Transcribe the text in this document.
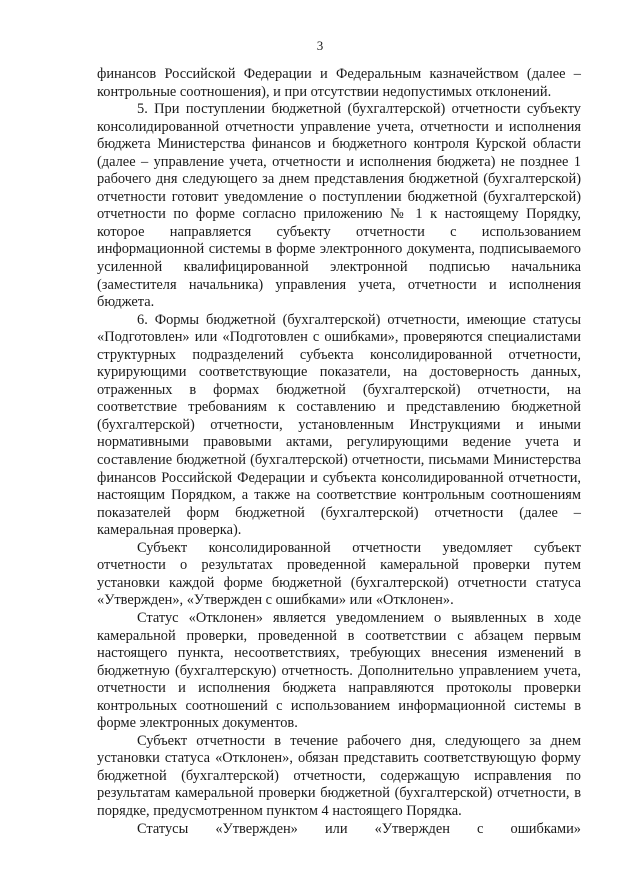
3

финансов Российской Федерации и Федеральным казначейством (далее – контрольные соотношения), и при отсутствии недопустимых отклонений.

5. При поступлении бюджетной (бухгалтерской) отчетности субъекту консолидированной отчетности управление учета, отчетности и исполнения бюджета Министерства финансов и бюджетного контроля Курской области (далее – управление учета, отчетности и исполнения бюджета) не позднее 1 рабочего дня следующего за днем представления бюджетной (бухгалтерской) отчетности готовит уведомление о поступлении бюджетной (бухгалтерской) отчетности по форме согласно приложению № 1 к настоящему Порядку, которое направляется субъекту отчетности с использованием информационной системы в форме электронного документа, подписываемого усиленной квалифицированной электронной подписью начальника (заместителя начальника) управления учета, отчетности и исполнения бюджета.

6. Формы бюджетной (бухгалтерской) отчетности, имеющие статусы «Подготовлен» или «Подготовлен с ошибками», проверяются специалистами структурных подразделений субъекта консолидированной отчетности, курирующими соответствующие показатели, на достоверность данных, отраженных в формах бюджетной (бухгалтерской) отчетности, на соответствие требованиям к составлению и представлению бюджетной (бухгалтерской) отчетности, установленным Инструкциями и иными нормативными правовыми актами, регулирующими ведение учета и составление бюджетной (бухгалтерской) отчетности, письмами Министерства финансов Российской Федерации и субъекта консолидированной отчетности, настоящим Порядком, а также на соответствие контрольным соотношениям показателей форм бюджетной (бухгалтерской) отчетности (далее – камеральная проверка).

Субъект консолидированной отчетности уведомляет субъект отчетности о результатах проведенной камеральной проверки путем установки каждой форме бюджетной (бухгалтерской) отчетности статуса «Утвержден», «Утвержден с ошибками» или «Отклонен».

Статус «Отклонен» является уведомлением о выявленных в ходе камеральной проверки, проведенной в соответствии с абзацем первым настоящего пункта, несоответствиях, требующих внесения изменений в бюджетную (бухгалтерскую) отчетность. Дополнительно управлением учета, отчетности и исполнения бюджета направляются протоколы проверки контрольных соотношений с использованием информационной системы в форме электронных документов.

Субъект отчетности в течение рабочего дня, следующего за днем установки статуса «Отклонен», обязан представить соответствующую форму бюджетной (бухгалтерской) отчетности, содержащую исправления по результатам камеральной проверки бюджетной (бухгалтерской) отчетности, в порядке, предусмотренном пунктом 4 настоящего Порядка.

Статусы «Утвержден» или «Утвержден с ошибками»
